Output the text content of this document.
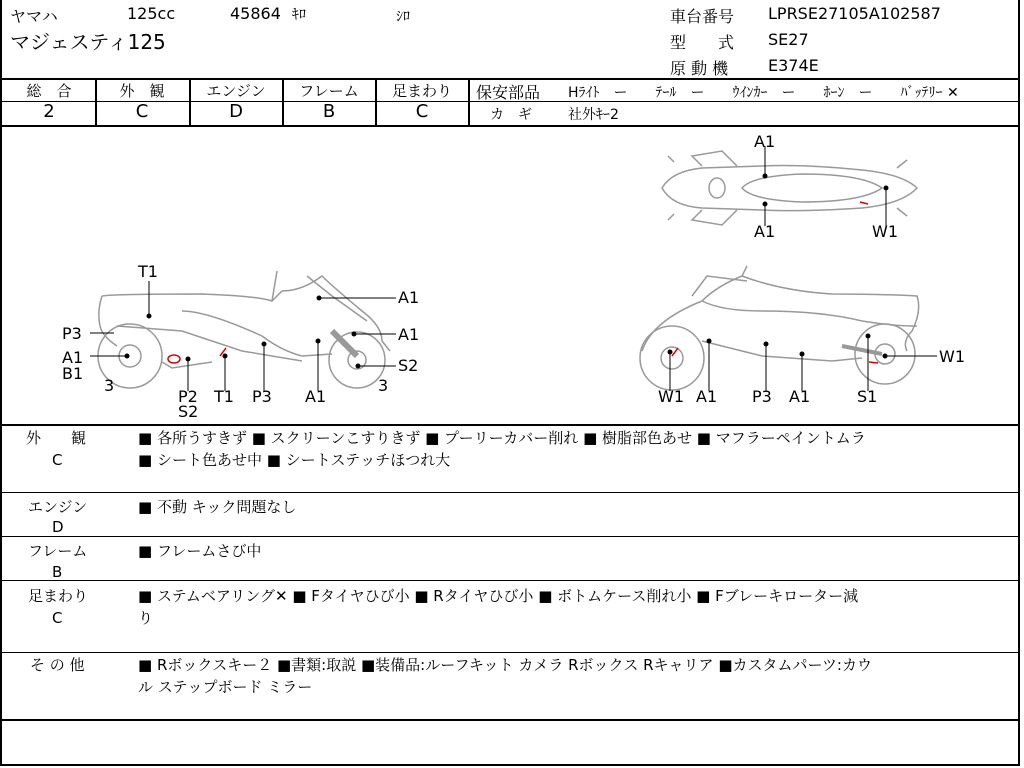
ヤマハ	125cc	45864 ｷﾛ	ｼﾛ
マジェスティ125
車台番号 LPRSE27105A102587
型　　式 SE27
原 動 機 E374E
総　合	外　観	エンジン	フレーム	足まわり
2	C	D	B	C
保安部品 Hﾗｲﾄ　ー　　ﾃｰﾙ　ー　　ｳｲﾝｶｰ　ー　　ﾎｰﾝ　ー　　ﾊﾞｯﾃﾘｰ ✕
カ　ギ	社外ｷｰ2
T1
P3
A1
B1
3
P2
S2
T1 P3 A1
A1
A1
S2
3
A1
A1	W1
W1 A1 P3 A1	S1
W1
外　　観
C
■ 各所うすきず ■ スクリーンこすりきず ■ プーリーカバー削れ ■ 樹脂部色あせ ■ マフラーペイントムラ
■ シート色あせ中 ■ シートステッチほつれ大
エンジン
D
■ 不動 キック問題なし
フレーム
B
■ フレームさび中
足まわり
C
■ ステムベアリング✕ ■ Fタイヤひび小 ■ Rタイヤひび小 ■ ボトムケース削れ小 ■ Fブレーキローター減
り
そ の 他	■ Rボックスキー２ ■書類:取説 ■装備品:ルーフキット カメラ Rボックス Rキャリア ■カスタムパーツ:カウ
ル ステップボード ミラー
